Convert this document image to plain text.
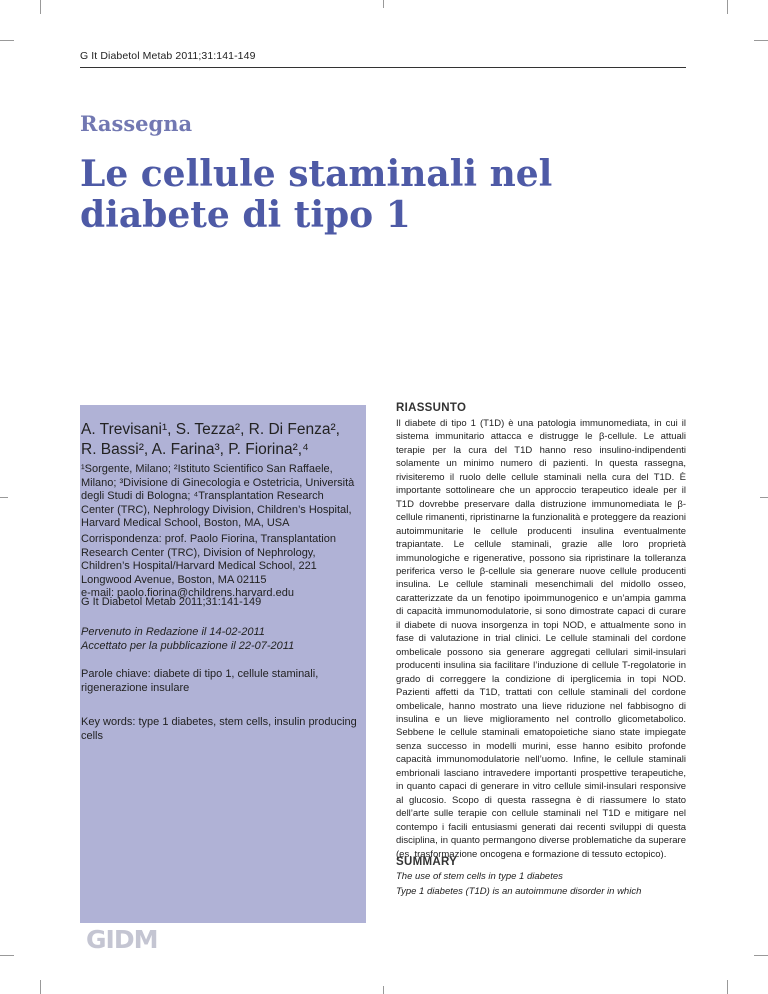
G It Diabetol Metab 2011;31:141-149
Rassegna
Le cellule staminali nel diabete di tipo 1
A. Trevisani¹, S. Tezza², R. Di Fenza², R. Bassi², A. Farina³, P. Fiorina²,⁴
¹Sorgente, Milano; ²Istituto Scientifico San Raffaele, Milano; ³Divisione di Ginecologia e Ostetricia, Università degli Studi di Bologna; ⁴Transplantation Research Center (TRC), Nephrology Division, Children’s Hospital, Harvard Medical School, Boston, MA, USA
Corrispondenza: prof. Paolo Fiorina, Transplantation
Research Center (TRC), Division of Nephrology,
Children’s Hospital/Harvard Medical School, 221
Longwood Avenue, Boston, MA 02115
e-mail: paolo.fiorina@childrens.harvard.edu
G It Diabetol Metab 2011;31:141-149
Pervenuto in Redazione il 14-02-2011
Accettato per la pubblicazione il 22-07-2011
Parole chiave: diabete di tipo 1, cellule staminali, rigenerazione insulare
Key words: type 1 diabetes, stem cells, insulin producing cells
GIDM
RIASSUNTO
Il diabete di tipo 1 (T1D) è una patologia immunomediata, in cui il sistema immunitario attacca e distrugge le β-cellule. Le attuali terapie per la cura del T1D hanno reso insulino-indipendenti solamente un minimo numero di pazienti. In questa rassegna, rivisiteremo il ruolo delle cellule staminali nella cura del T1D. È importante sottolineare che un approccio terapeutico ideale per il T1D dovrebbe preservare dalla distruzione immunomediata le β-cellule rimanenti, ripristinarne la funzionalità e proteggere da reazioni autoimmunitarie le cellule producenti insulina eventualmente trapiantate. Le cellule staminali, grazie alle loro proprietà immunologiche e rigenerative, possono sia ripristinare la tolleranza periferica verso le β-cellule sia generare nuove cellule producenti insulina. Le cellule staminali mesenchimali del midollo osseo, caratterizzate da un fenotipo ipoimmunogenico e un’ampia gamma di capacità immunomodulatorie, si sono dimostrate capaci di curare il diabete di nuova insorgenza in topi NOD, e attualmente sono in fase di valutazione in trial clinici. Le cellule staminali del cordone ombelicale possono sia generare aggregati cellulari simil-insulari producenti insulina sia facilitare l’induzione di cellule T-regolatorie in grado di correggere la condizione di iperglicemia in topi NOD. Pazienti affetti da T1D, trattati con cellule staminali del cordone ombelicale, hanno mostrato una lieve riduzione nel fabbisogno di insulina e un lieve miglioramento nel controllo glicometabolico. Sebbene le cellule staminali ematopoietiche siano state impiegate senza successo in modelli murini, esse hanno esibito profonde capacità immunomodulatorie nell’uomo. Infine, le cellule staminali embrionali lasciano intravedere importanti prospettive terapeutiche, in quanto capaci di generare in vitro cellule simil-insulari responsive al glucosio. Scopo di questa rassegna è di riassumere lo stato dell’arte sulle terapie con cellule staminali nel T1D e mitigare nel contempo i facili entusiasmi generati dai recenti sviluppi di questa disciplina, in quanto permangono diverse problematiche da superare (es. trasformazione oncogena e formazione di tessuto ectopico).
SUMMARY
The use of stem cells in type 1 diabetes
Type 1 diabetes (T1D) is an autoimmune disorder in which
